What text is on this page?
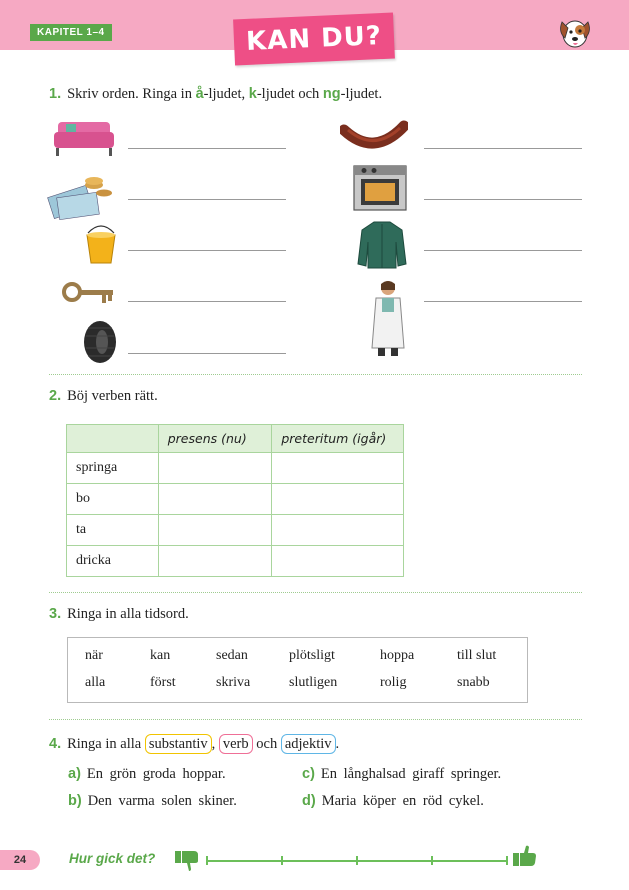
KAPITEL 1–4	KAN DU?
1. Skriv orden. Ringa in å-ljudet, k-ljudet och ng-ljudet.
2. Böj verben rätt.
	presens (nu)	preteritum (igår)
springa		
bo		
ta		
dricka		
3. Ringa in alla tidsord.
när	kan	sedan	plötsligt	hoppa	till slut
alla	först	skriva	slutligen	rolig	snabb
4. Ringa in alla substantiv , verb och adjektiv .
a) En grön groda hoppar.
b) Den varma solen skiner.
c) En långhalsad giraff springer.
d) Maria köper en röd cykel.
24	Hur gick det?
